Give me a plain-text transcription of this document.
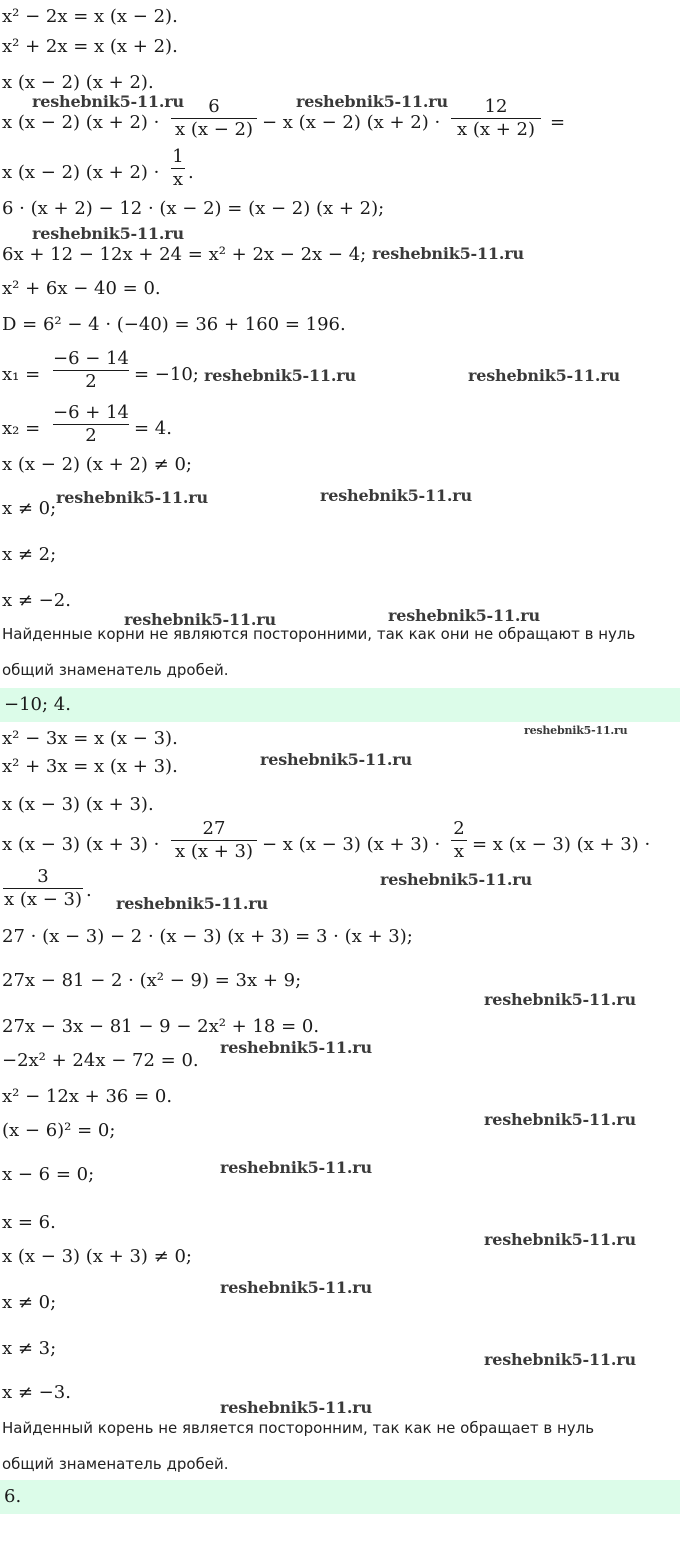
x² − 2x = x (x − 2).
x² + 2x = x (x + 2).
x (x − 2) (x + 2).
x (x − 2) (x + 2) ·
6
x (x − 2) − x (x − 2) (x + 2) ·
12
x (x + 2) =
x (x − 2) (x + 2) ·
1
x .
6 · (x + 2) − 12 · (x − 2) = (x − 2) (x + 2);
6x + 12 − 12x + 24 = x² + 2x − 2x − 4;
x² + 6x − 40 = 0.
D = 6² − 4 · (−40) = 36 + 160 = 196.
x₁ =
−6 − 14
2	= −10;
x₂ =
−6 + 14
2	= 4.
x (x − 2) (x + 2) ≠ 0;
x ≠ 0;
x ≠ 2;
x ≠ −2.
Найденные корни не являются посторонними, так как они не обращают в нуль
общий знаменатель дробей.
−10; 4.
x² − 3x = x (x − 3).
x² + 3x = x (x + 3).
x (x − 3) (x + 3).
x (x − 3) (x + 3) ·
27
x (x + 3) − x (x − 3) (x + 3) ·
2
x = x (x − 3) (x + 3) ·
3
x (x − 3) .
27 · (x − 3) − 2 · (x − 3) (x + 3) = 3 · (x + 3);
27x − 81 − 2 · (x² − 9) = 3x + 9;
27x − 3x − 81 − 9 − 2x² + 18 = 0.
−2x² + 24x − 72 = 0.
x² − 12x + 36 = 0.
(x − 6)² = 0;
x − 6 = 0;
x = 6.
x (x − 3) (x + 3) ≠ 0;
x ≠ 0;
x ≠ 3;
x ≠ −3.
Найденный корень не является посторонним, так как не обращает в нуль
общий знаменатель дробей.
6.
reshebnik5-11.ru	reshebnik5-11.ru
reshebnik5-11.ru
reshebnik5-11.ru
reshebnik5-11.ru	reshebnik5-11.ru
reshebnik5-11.ru	reshebnik5-11.ru
reshebnik5-11.ru	reshebnik5-11.ru
reshebnik5-11.ru
reshebnik5-11.ru
reshebnik5-11.ru
reshebnik5-11.ru
reshebnik5-11.ru
reshebnik5-11.ru
reshebnik5-11.ru
reshebnik5-11.ru
reshebnik5-11.ru
reshebnik5-11.ru
reshebnik5-11.ru
reshebnik5-11.ru
